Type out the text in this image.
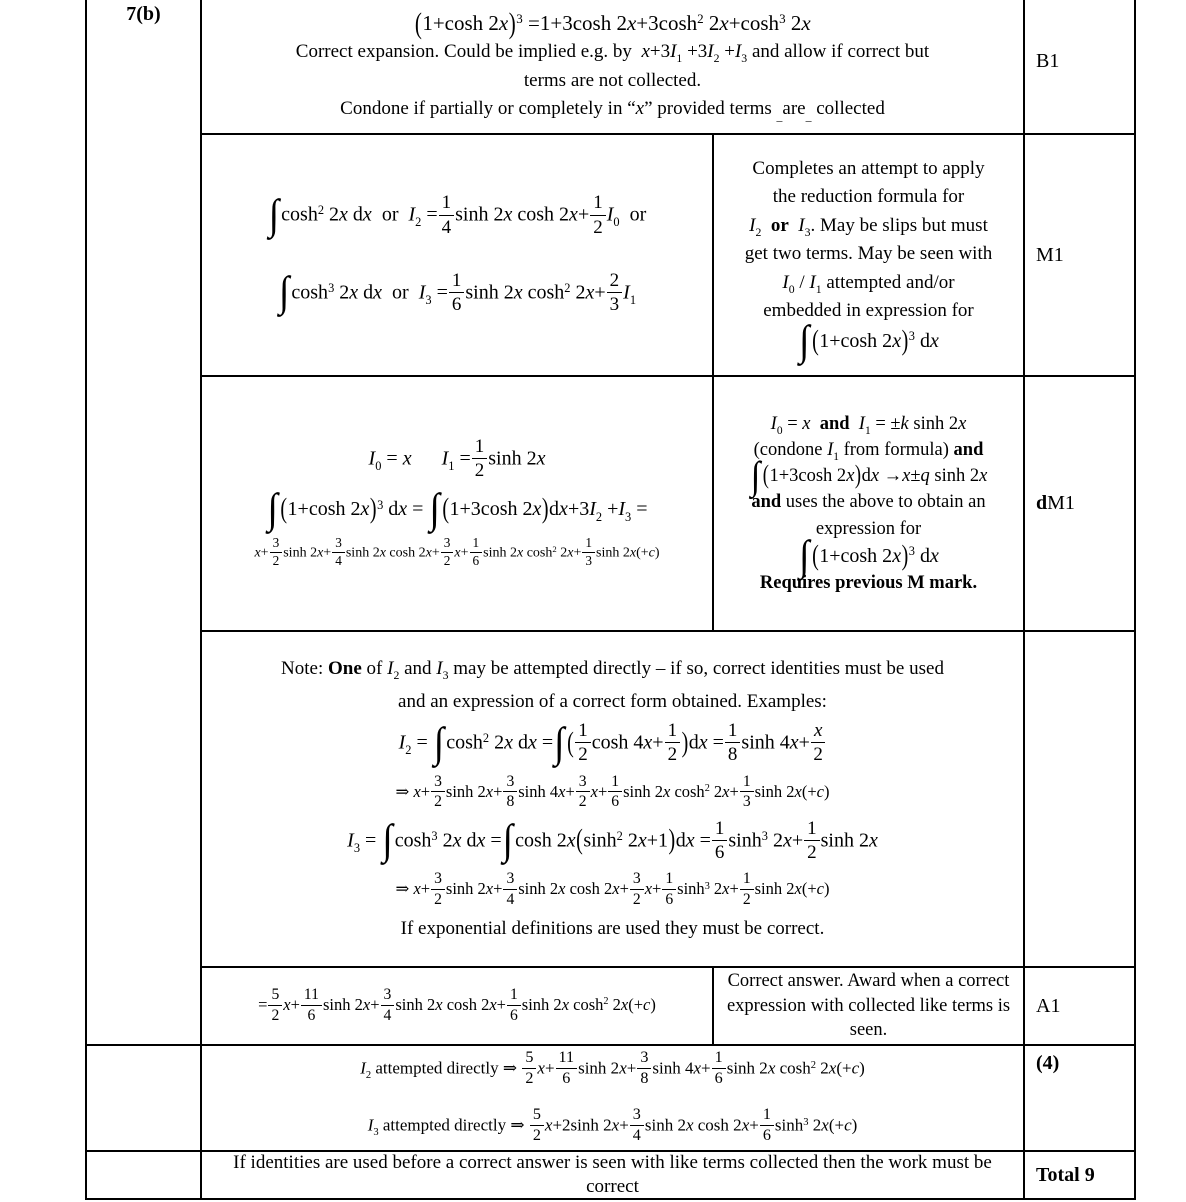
7(b)	(1+cosh 2x)$^3$ =1+3cosh $2x+3\cosh^2$ $2x+\cosh^3$ 2x
Correct expansion. Could be implied e.g. by  $x+3I_1 +3I_2 +I_3$ and allow if correct but
terms are not collected.
Condone if partially or completely in “x” provided terms $_{\_}$are$_{\_}$ collected
B1
∫ $\cosh^2 2x$ dx  or  $I_2 = \frac{1}{4}$ sinh 2x $\cosh 2x+ \frac{1}{2} I_0$  or
∫ $\cosh^3 2x$ dx  or  $I_3 = \frac{1}{6}$ sinh 2x $\cosh^2 2x+ \frac{2}{3} I_1$
Completes an attempt to apply
the reduction formula for
$I_2$ or $I_3$. May be slips but must
get two terms. May be seen with
$I_0 / I_1$ attempted and/or
embedded in expression for
∫ (1+cosh 2x)$^3$ dx
M1
$I_0 = x$ $I_1 = \frac{1}{2}$ sinh 2x
∫ (1+cosh 2x)$^3$ dx = ∫ (1+3cosh $2x)dx+3I_2 +I_3$ =
$x+ \frac{3}{2}$ $\sinh 2x+ \frac{3}{4}$ sinh 2x $\cosh 2x+ \frac{3}{2} x+ \frac{1}{6}$ sinh 2x $\cosh^2 2x+ \frac{1}{3}$ sinh 2x(+c)
$I_0 = x$ and $I_1 = \pm k$ sinh 2x
(condone $I_1$ from formula) and
∫ (1+3cosh 2x)dx →x±q sinh 2x
and uses the above to obtain an
expression for
∫ (1+cosh 2x)$^3$ dx
Requires previous M mark.
dM1
Note: One of $I_2$ and $I_3$ may be attempted directly – if so, correct identities must be used
and an expression of a correct form obtained. Examples:
$I_2$ = ∫ $\cosh^2 2x$ dx =∫ ( $\frac{1}{2}$ $\cosh 4x+ \frac{1}{2} )dx = \frac{1}{8}$ $\sinh 4x+ \frac{x}{2}$
⇒ $x+ \frac{3}{2}$ $\sinh 2x+ \frac{3}{8}$ $\sinh 4x+ \frac{3}{2} x+ \frac{1}{6}$ sinh 2x $\cosh^2 2x+ \frac{1}{3}$ sinh 2x(+c)
$I_3$ = ∫ $\cosh^3 2x$ dx =∫ $\cosh 2x(\sinh^2$ $2x+1)dx = \frac{1}{6} \sinh^3 2x+ \frac{1}{2}$ sinh 2x
⇒ $x+ \frac{3}{2}$ $\sinh 2x+ \frac{3}{4}$ sinh 2x $\cosh 2x+ \frac{3}{2} x+ \frac{1}{6} \sinh^3 2x+ \frac{1}{2}$ sinh 2x(+c)
If exponential definitions are used they must be correct.
= $\frac{5}{2} x+ \frac{11}{6}$ $\sinh 2x+ \frac{3}{4}$ sinh 2x $\cosh 2x+ \frac{1}{6}$ sinh 2x $\cosh^2 2x(+c)$
Correct answer. Award when a correct expression with collected like terms is seen.
A1
$I_2$ attempted directly ⇒ $\frac{5}{2} x+ \frac{11}{6}$ $\sinh 2x+ \frac{3}{8}$ $\sinh 4x+ \frac{1}{6}$ sinh 2x $\cosh^2 2x(+c)$
$I_3$ attempted directly ⇒ $\frac{5}{2} x+2\sinh$ $2x+ \frac{3}{4}$ sinh 2x $\cosh 2x+ \frac{1}{6} \sinh^3 2x(+c)$
(4)
If identities are used before a correct answer is seen with like terms collected then the work must be correct
Total 9
